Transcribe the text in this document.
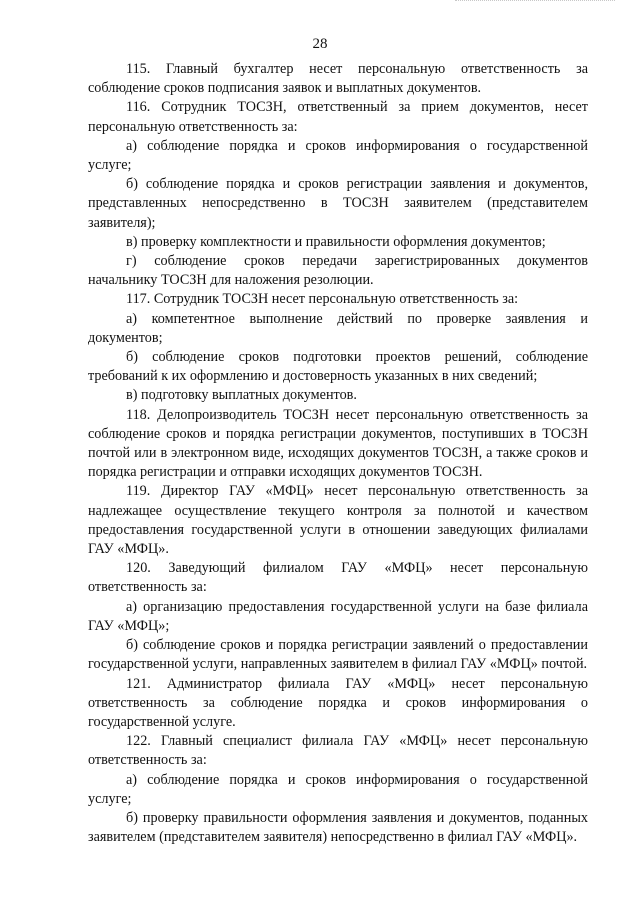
28

115. Главный бухгалтер несет персональную ответственность за соблюдение сроков подписания заявок и выплатных документов.

116. Сотрудник ТОСЗН, ответственный за прием документов, несет персональную ответственность за:

а) соблюдение порядка и сроков информирования о государственной услуге;

б) соблюдение порядка и сроков регистрации заявления и документов, представленных непосредственно в ТОСЗН заявителем (представителем заявителя);

в) проверку комплектности и правильности оформления документов;

г) соблюдение сроков передачи зарегистрированных документов начальнику ТОСЗН для наложения резолюции.

117. Сотрудник ТОСЗН несет персональную ответственность за:

а) компетентное выполнение действий по проверке заявления и документов;

б) соблюдение сроков подготовки проектов решений, соблюдение требований к их оформлению и достоверность указанных в них сведений;

в) подготовку выплатных документов.

118. Делопроизводитель ТОСЗН несет персональную ответственность за соблюдение сроков и порядка регистрации документов, поступивших в ТОСЗН почтой или в электронном виде, исходящих документов ТОСЗН, а также сроков и порядка регистрации и отправки исходящих документов ТОСЗН.

119. Директор ГАУ «МФЦ» несет персональную ответственность за надлежащее осуществление текущего контроля за полнотой и качеством предоставления государственной услуги в отношении заведующих филиалами ГАУ «МФЦ».

120. Заведующий филиалом ГАУ «МФЦ» несет персональную ответственность за:

а) организацию предоставления государственной услуги на базе филиала ГАУ «МФЦ»;

б) соблюдение сроков и порядка регистрации заявлений о предоставлении государственной услуги, направленных заявителем в филиал ГАУ «МФЦ» почтой.

121. Администратор филиала ГАУ «МФЦ» несет персональную ответственность за соблюдение порядка и сроков информирования о государственной услуге.

122. Главный специалист филиала ГАУ «МФЦ» несет персональную ответственность за:

а) соблюдение порядка и сроков информирования о государственной услуге;

б) проверку правильности оформления заявления и документов, поданных заявителем (представителем заявителя) непосредственно в филиал ГАУ «МФЦ».
